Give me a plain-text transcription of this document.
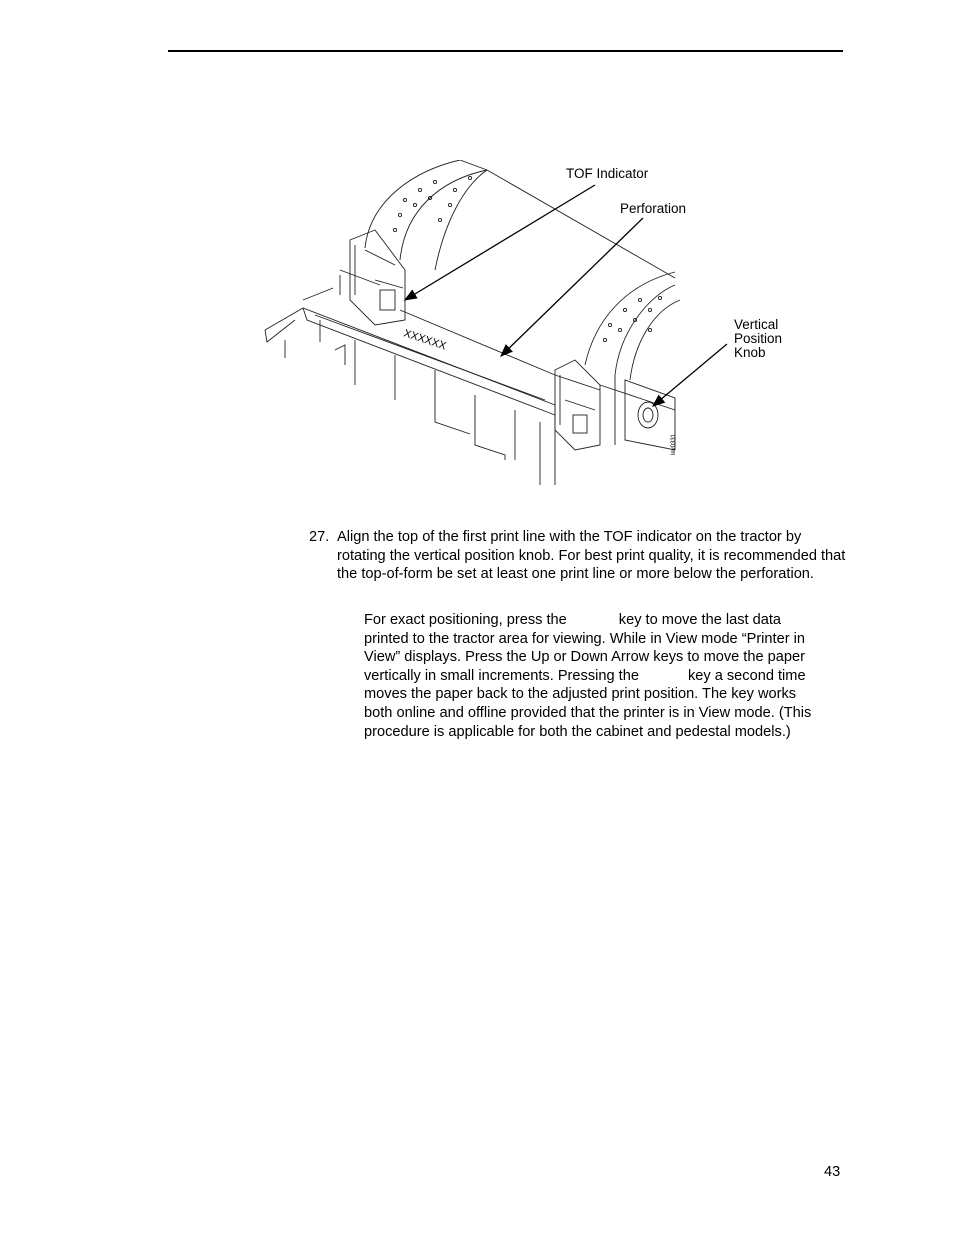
XXXXXX
lev0331
TOF Indicator
Perforation
Vertical
Position
Knob
27. Align the top of the first print line with the TOF indicator on the tractor by rotating the vertical position knob. For best print quality, it is recommended that the top-of-form be set at least one print line or more below the perforation.

For exact positioning, press the	key to move the last data
printed to the tractor area for viewing. While in View mode “Printer in
View” displays. Press the Up or Down Arrow keys to move the paper
vertically in small increments. Pressing the	key a second time
moves the paper back to the adjusted print position. The key works
both online and offline provided that the printer is in View mode. (This
procedure is applicable for both the cabinet and pedestal models.)
43
